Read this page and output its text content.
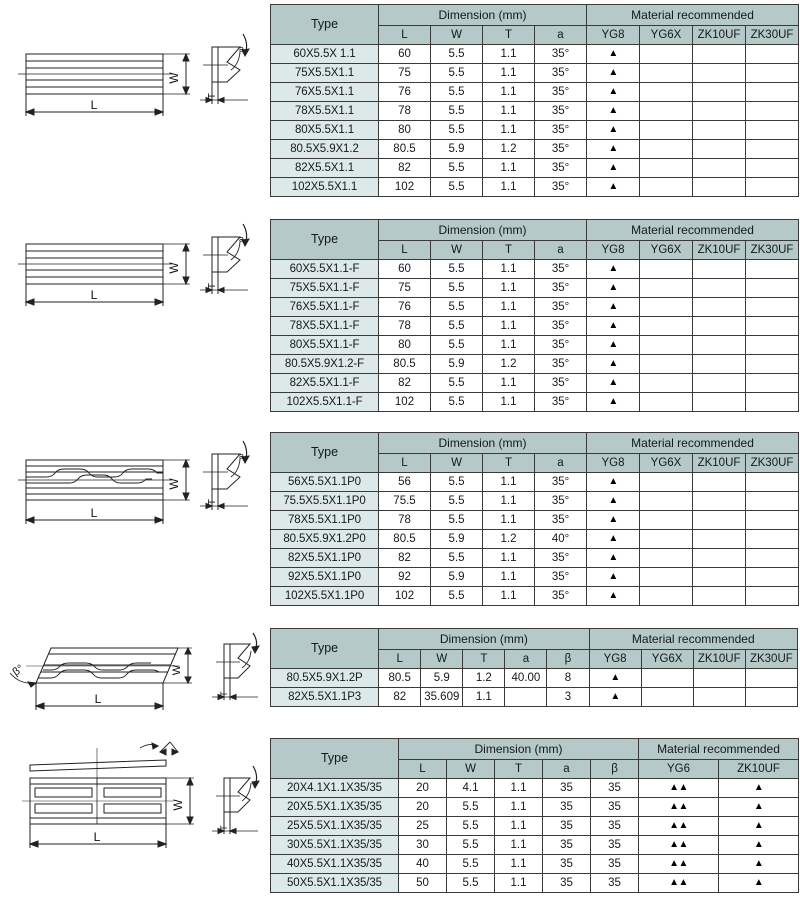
W
L
a
T
Type	Dimension (mm)				Material recommended			
	L	W	T	a	YG8	YG6X	ZK10UF	ZK30UF
60X5.5X 1.1	60	5.5	1.1	35°	▲			
75X5.5X1.1	75	5.5	1.1	35°	▲			
76X5.5X1.1	76	5.5	1.1	35°	▲			
78X5.5X1.1	78	5.5	1.1	35°	▲			
80X5.5X1.1	80	5.5	1.1	35°	▲			
80.5X5.9X1.2	80.5	5.9	1.2	35°	▲			
82X5.5X1.1	82	5.5	1.1	35°	▲			
102X5.5X1.1	102	5.5	1.1	35°	▲			
W
L
a
T
Type	Dimension (mm)				Material recommended			
	L	W	T	a	YG8	YG6X	ZK10UF	ZK30UF
60X5.5X1.1-F	60	5.5	1.1	35°	▲			
75X5.5X1.1-F	75	5.5	1.1	35°	▲			
76X5.5X1.1-F	76	5.5	1.1	35°	▲			
78X5.5X1.1-F	78	5.5	1.1	35°	▲			
80X5.5X1.1-F	80	5.5	1.1	35°	▲			
80.5X5.9X1.2-F	80.5	5.9	1.2	35°	▲			
82X5.5X1.1-F	82	5.5	1.1	35°	▲			
102X5.5X1.1-F	102	5.5	1.1	35°	▲			
W
L
a
T
Type	Dimension (mm)				Material recommended			
	L	W	T	a	YG8	YG6X	ZK10UF	ZK30UF
56X5.5X1.1P0	56	5.5	1.1	35°	▲			
75.5X5.5X1.1P0	75.5	5.5	1.1	35°	▲			
78X5.5X1.1P0	78	5.5	1.1	35°	▲			
80.5X5.9X1.2P0	80.5	5.9	1.2	40°	▲			
82X5.5X1.1P0	82	5.5	1.1	35°	▲			
92X5.5X1.1P0	92	5.9	1.1	35°	▲			
102X5.5X1.1P0	102	5.5	1.1	35°	▲			
β°	W
L	T
Type	Dimension (mm)					Material recommended			
	L	W	T	a	β	YG8	YG6X	ZK10UF	ZK30UF
80.5X5.9X1.2P	80.5	5.9	1.2	40.00	8	▲			
82X5.5X1.1P3	82	35.609	1.1		3	▲			
W
L
T
Type	Dimension (mm)					Material recommended	
	L	W	T	a	β	YG6	ZK10UF
20X4.1X1.1X35/35	20	4.1	1.1	35	35	▲▲	▲
20X5.5X1.1X35/35	20	5.5	1.1	35	35	▲▲	▲
25X5.5X1.1X35/35	25	5.5	1.1	35	35	▲▲	▲
30X5.5X1.1X35/35	30	5.5	1.1	35	35	▲▲	▲
40X5.5X1.1X35/35	40	5.5	1.1	35	35	▲▲	▲
50X5.5X1.1X35/35	50	5.5	1.1	35	35	▲▲	▲
